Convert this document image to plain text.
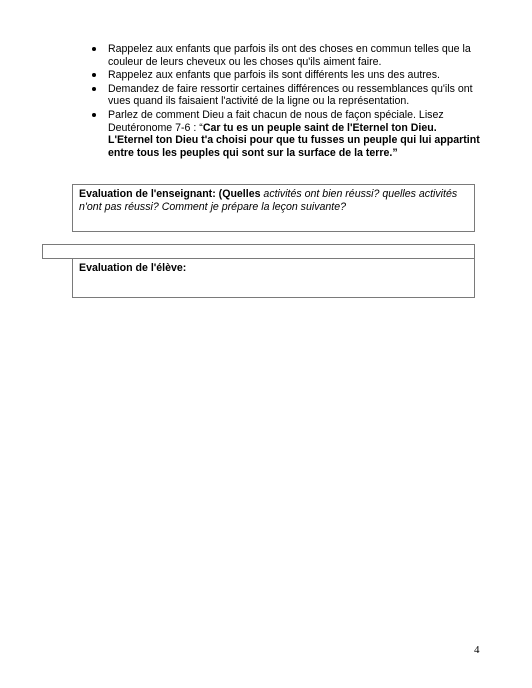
Rappelez aux enfants que parfois ils ont des choses en commun telles que la couleur de leurs cheveux ou les choses qu'ils aiment faire.
Rappelez aux enfants que parfois ils sont différents les uns des autres.
Demandez de faire ressortir certaines différences ou ressemblances qu'ils ont vues quand ils faisaient l'activité de la ligne ou la représentation.
Parlez de comment Dieu a fait chacun de nous de façon spéciale. Lisez Deutéronome 7-6 : “Car tu es un peuple saint de l'Eternel ton Dieu. L'Eternel ton Dieu t'a choisi pour que tu fusses un peuple qui lui appartint entre tous les peuples qui sont sur la surface de la terre.”
Evaluation de l'enseignant: (Quelles activités ont bien réussi? quelles activités n'ont pas réussi? Comment je prépare la leçon suivante?
Evaluation de l'élève:
4
